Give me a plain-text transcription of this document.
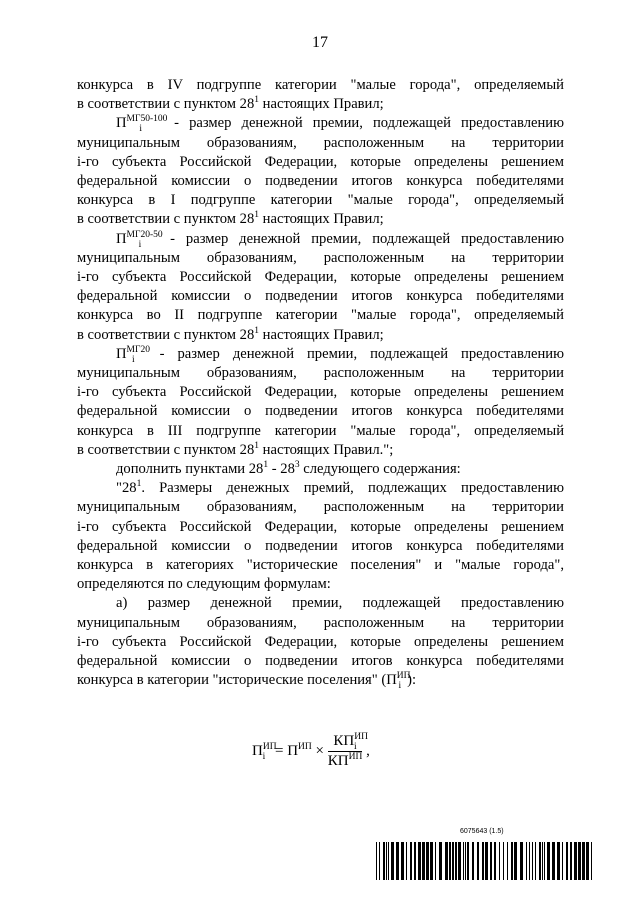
17

конкурса в IV подгруппе категории "малые города", определяемый

в соответствии с пунктом $28^1$ настоящих Правил;

$П^{МГ50-100}_i$ - размер денежной премии, подлежащей предоставлению

муниципальным образованиям, расположенным на территории

i-го субъекта Российской Федерации, которые определены решением

федеральной комиссии о подведении итогов конкурса победителями

конкурса в I подгруппе категории "малые города", определяемый

в соответствии с пунктом $28^1$ настоящих Правил;

$П^{МГ20-50}_i$ - размер денежной премии, подлежащей предоставлению

муниципальным образованиям, расположенным на территории

i-го субъекта Российской Федерации, которые определены решением

федеральной комиссии о подведении итогов конкурса победителями

конкурса во II подгруппе категории "малые города", определяемый

в соответствии с пунктом $28^1$ настоящих Правил;

$П^{МГ20}_i$ - размер денежной премии, подлежащей предоставлению

муниципальным образованиям, расположенным на территории

i-го субъекта Российской Федерации, которые определены решением

федеральной комиссии о подведении итогов конкурса победителями

конкурса в III подгруппе категории "малые города", определяемый

в соответствии с пунктом $28^1$ настоящих Правил.";

дополнить пунктами $28^1 - 28^3$ следующего содержания:

"$28^1$. Размеры денежных премий, подлежащих предоставлению

муниципальным образованиям, расположенным на территории

i-го субъекта Российской Федерации, которые определены решением

федеральной комиссии о подведении итогов конкурса победителями

конкурса в категориях "исторические поселения" и "малые города",

определяются по следующим формулам:

а) размер денежной премии, подлежащей предоставлению

муниципальным образованиям, расположенным на территории

i-го субъекта Российской Федерации, которые определены решением

федеральной комиссии о подведении итогов конкурса победителями

конкурса в категории "исторические поселения" ($П^{ИП}_i$ ):

$П^{ИП}_i = П^{ИП} \times \frac{КП^{ИП}_i}{КП^{ИП}}$ ,
6075643 (1.5)
